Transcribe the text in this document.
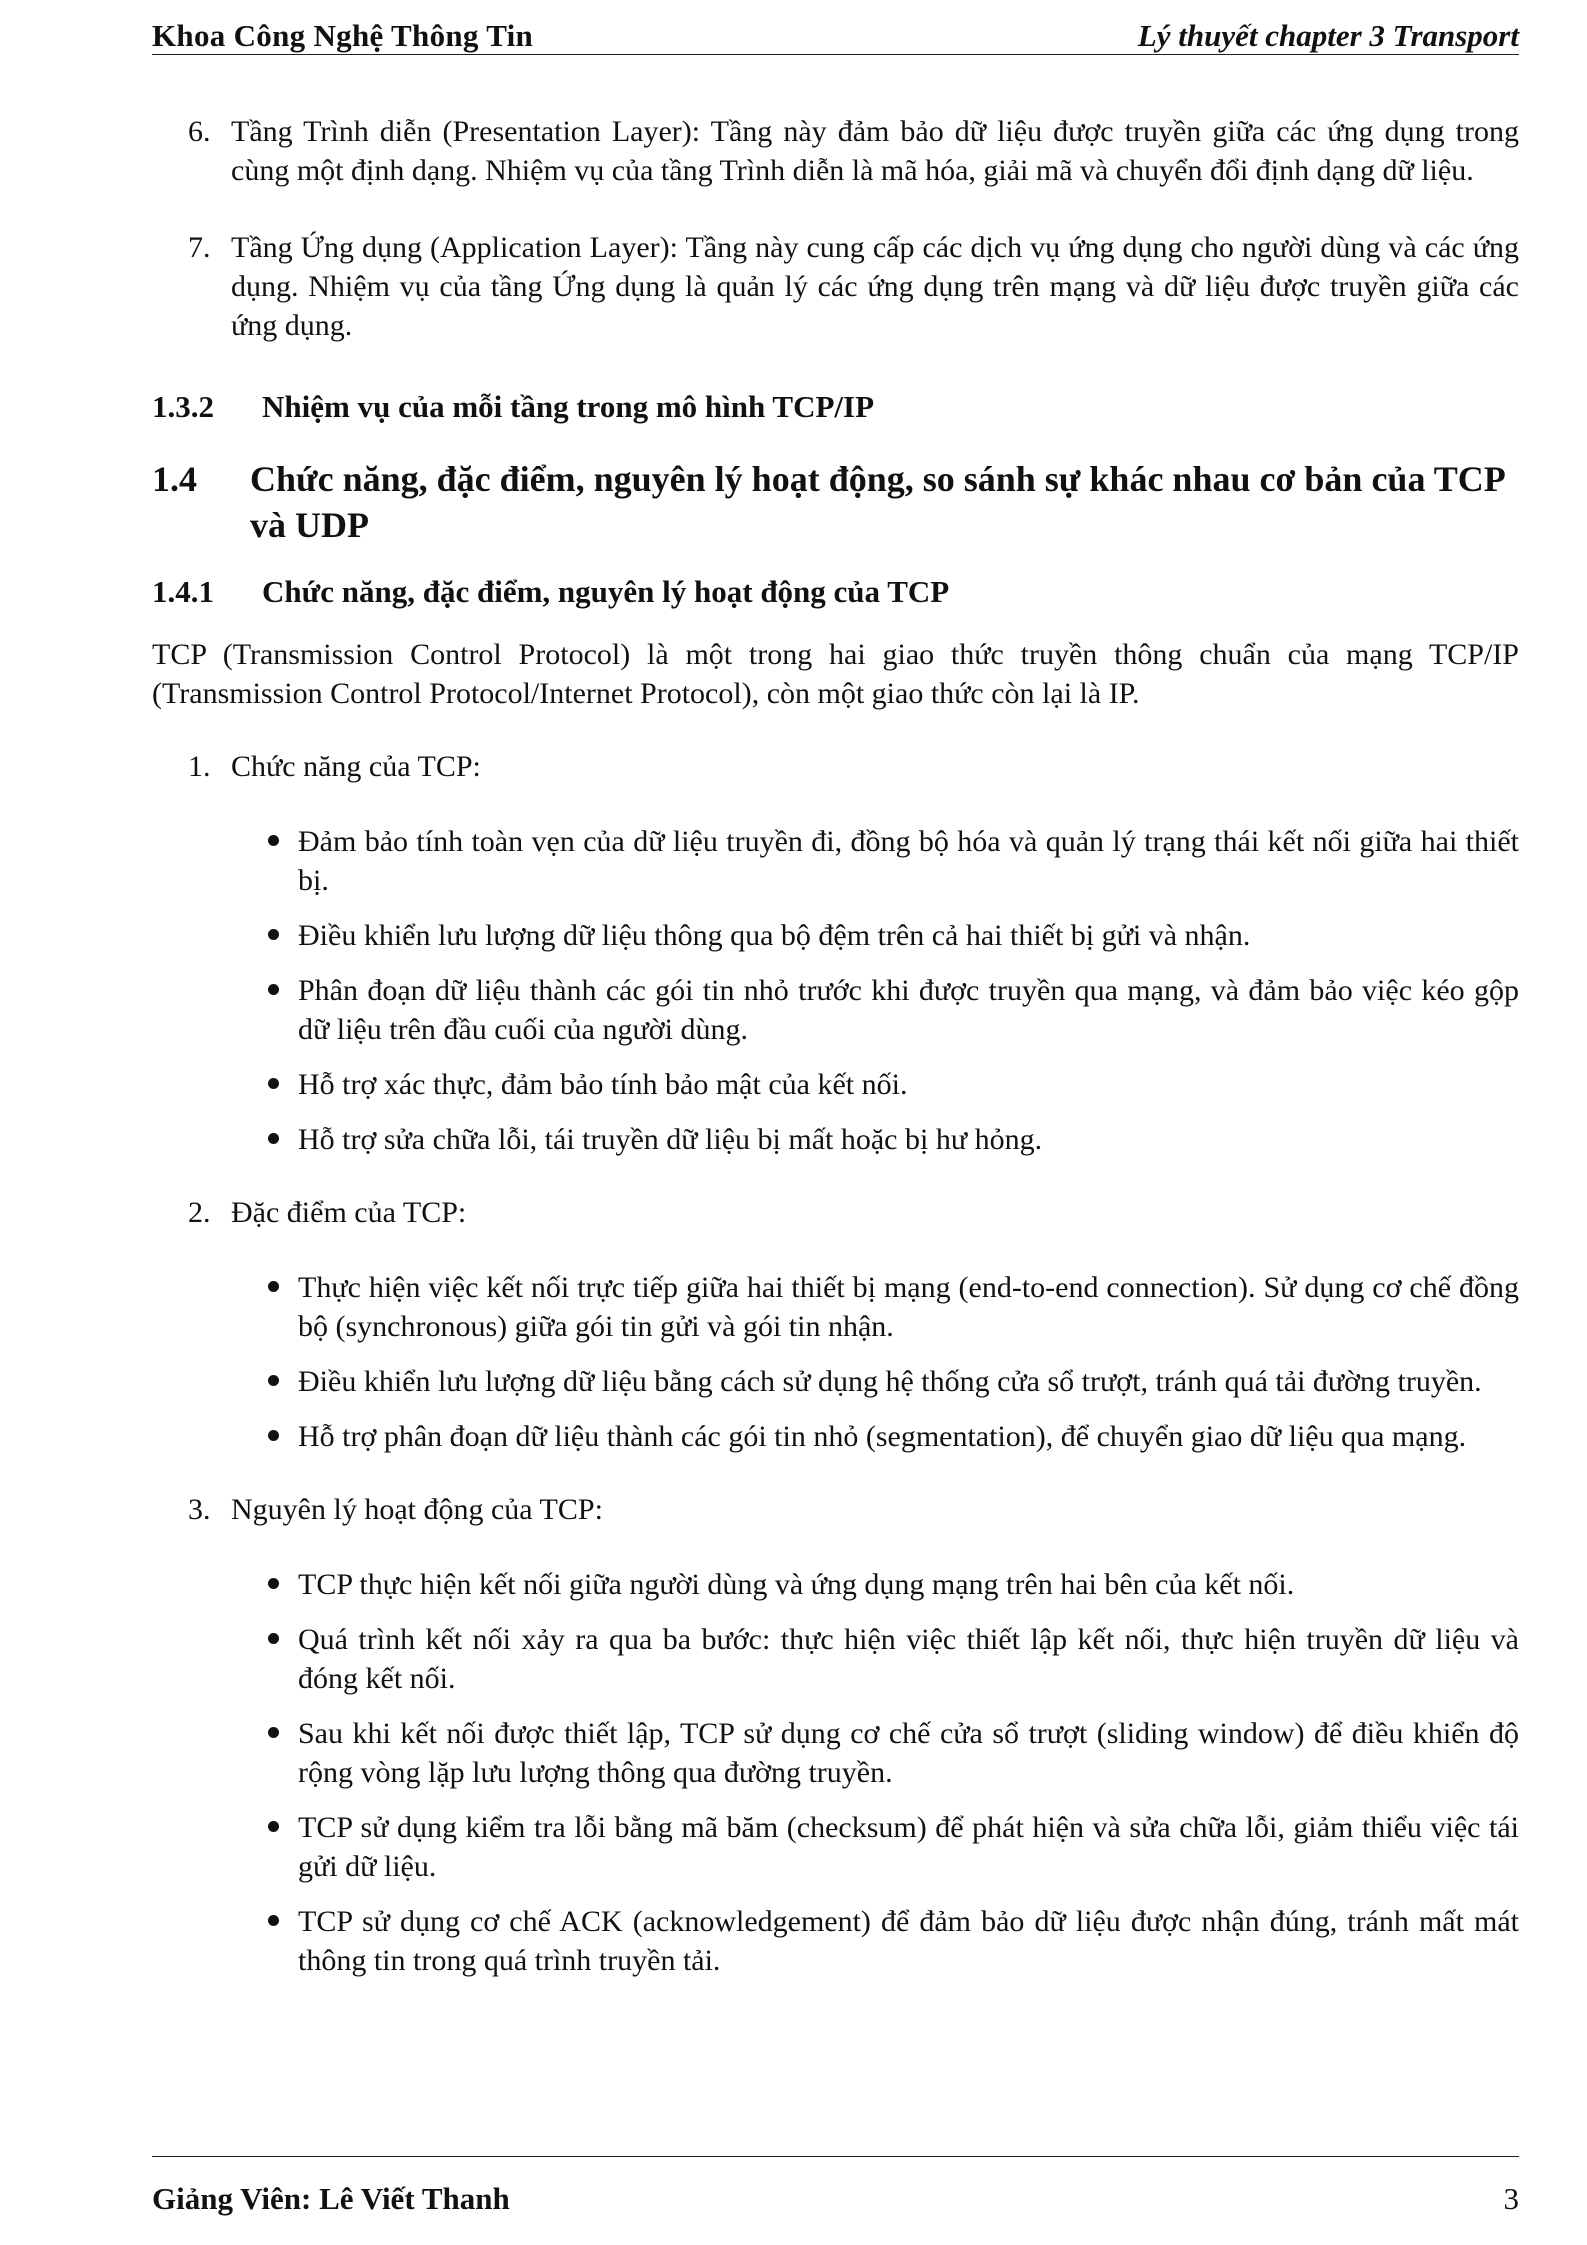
Khoa Công Nghệ Thông Tin	Lý thuyết chapter 3 Transport

6. Tầng Trình diễn (Presentation Layer): Tầng này đảm bảo dữ liệu được truyền giữa các ứng dụng trong cùng một định dạng. Nhiệm vụ của tầng Trình diễn là mã hóa, giải mã và chuyển đổi định dạng dữ liệu.

7. Tầng Ứng dụng (Application Layer): Tầng này cung cấp các dịch vụ ứng dụng cho người dùng và các ứng dụng. Nhiệm vụ của tầng Ứng dụng là quản lý các ứng dụng trên mạng và dữ liệu được truyền giữa các ứng dụng.

1.3.2 Nhiệm vụ của mỗi tầng trong mô hình TCP/IP
1.4 Chức năng, đặc điểm, nguyên lý hoạt động, so sánh sự khác nhau cơ bản của TCP và UDP
1.4.1 Chức năng, đặc điểm, nguyên lý hoạt động của TCP

TCP (Transmission Control Protocol) là một trong hai giao thức truyền thông chuẩn của mạng TCP/IP (Transmission Control Protocol/Internet Protocol), còn một giao thức còn lại là IP.

1. Chức năng của TCP:

Đảm bảo tính toàn vẹn của dữ liệu truyền đi, đồng bộ hóa và quản lý trạng thái kết nối giữa hai thiết bị.
Điều khiển lưu lượng dữ liệu thông qua bộ đệm trên cả hai thiết bị gửi và nhận.
Phân đoạn dữ liệu thành các gói tin nhỏ trước khi được truyền qua mạng, và đảm bảo việc kéo gộp dữ liệu trên đầu cuối của người dùng.
Hỗ trợ xác thực, đảm bảo tính bảo mật của kết nối.
Hỗ trợ sửa chữa lỗi, tái truyền dữ liệu bị mất hoặc bị hư hỏng.

2. Đặc điểm của TCP:

Thực hiện việc kết nối trực tiếp giữa hai thiết bị mạng (end-to-end connection). Sử dụng cơ chế đồng bộ (synchronous) giữa gói tin gửi và gói tin nhận.
Điều khiển lưu lượng dữ liệu bằng cách sử dụng hệ thống cửa sổ trượt, tránh quá tải đường truyền.
Hỗ trợ phân đoạn dữ liệu thành các gói tin nhỏ (segmentation), để chuyển giao dữ liệu qua mạng.

3. Nguyên lý hoạt động của TCP:

TCP thực hiện kết nối giữa người dùng và ứng dụng mạng trên hai bên của kết nối.
Quá trình kết nối xảy ra qua ba bước: thực hiện việc thiết lập kết nối, thực hiện truyền dữ liệu và đóng kết nối.
Sau khi kết nối được thiết lập, TCP sử dụng cơ chế cửa sổ trượt (sliding window) để điều khiển độ rộng vòng lặp lưu lượng thông qua đường truyền.
TCP sử dụng kiểm tra lỗi bằng mã băm (checksum) để phát hiện và sửa chữa lỗi, giảm thiểu việc tái gửi dữ liệu.
TCP sử dụng cơ chế ACK (acknowledgement) để đảm bảo dữ liệu được nhận đúng, tránh mất mát thông tin trong quá trình truyền tải.
Giảng Viên: Lê Viết Thanh	3
